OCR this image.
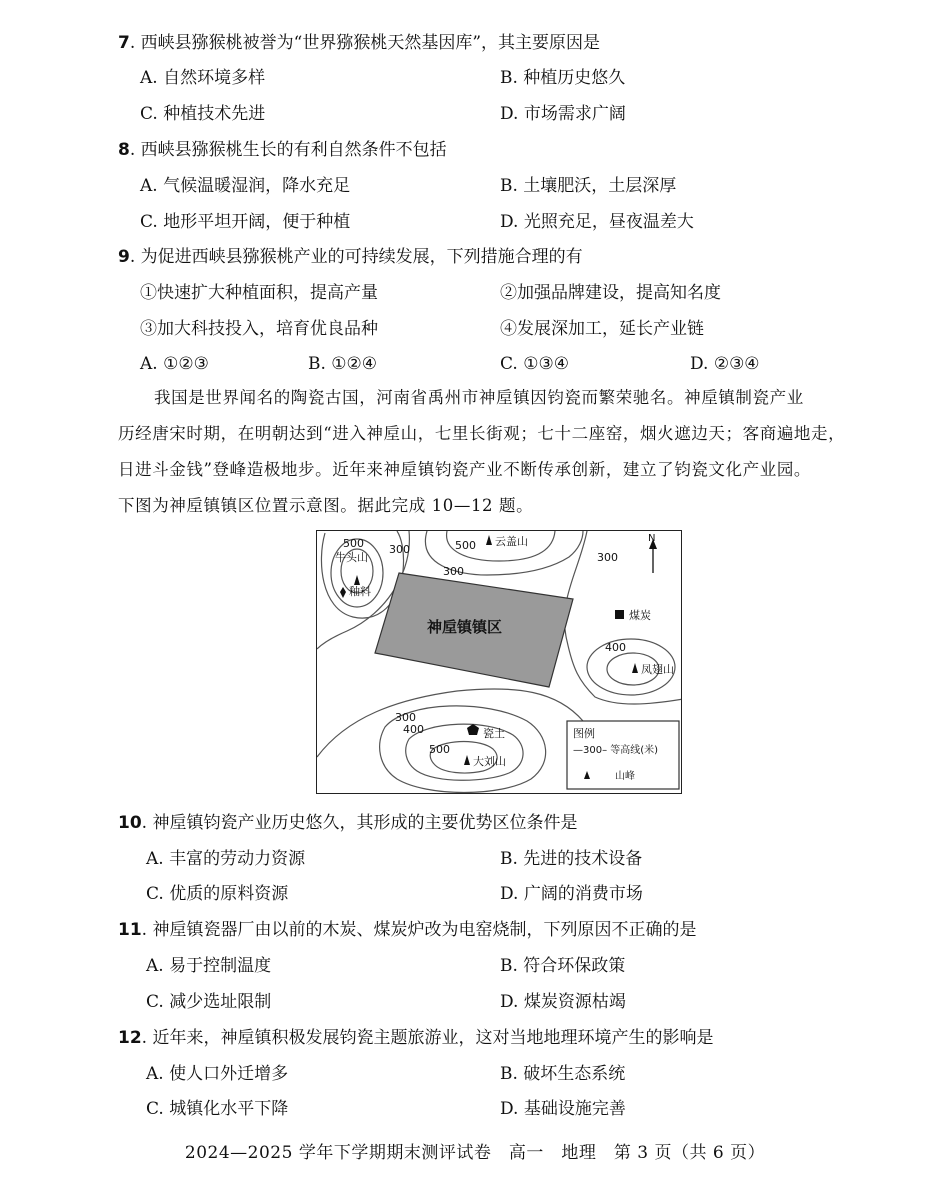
7. 西峡县猕猴桃被誉为“世界猕猴桃天然基因库”，其主要原因是
A. 自然环境多样	B. 种植历史悠久
C. 种植技术先进	D. 市场需求广阔
8. 西峡县猕猴桃生长的有利自然条件不包括
A. 气候温暖湿润，降水充足	B. 土壤肥沃，土层深厚
C. 地形平坦开阔，便于种植	D. 光照充足，昼夜温差大
9. 为促进西峡县猕猴桃产业的可持续发展，下列措施合理的有
①快速扩大种植面积，提高产量	②加强品牌建设，提高知名度
③加大科技投入，培育优良品种	④发展深加工，延长产业链
A. ①②③	B. ①②④	C. ①③④	D. ②③④

我国是世界闻名的陶瓷古国，河南省禹州市神垕镇因钧瓷而繁荣驰名。神垕镇制瓷产业

历经唐宋时期，在明朝达到“进入神垕山，七里长街观；七十二座窑，烟火遮边天；客商遍地走，

日进斗金钱”登峰造极地步。近年来神垕镇钧瓷产业不断传承创新，建立了钧瓷文化产业园。

下图为神垕镇镇区位置示意图。据此完成 10—12 题。

500
牛头山
300	500 云盖山
300
300
N
釉料
煤炭
400
凤翅山
300
400	瓷土
500
大刘山
图例
—300– 等高线(米)
山峰
神垕镇镇区
10. 神垕镇钧瓷产业历史悠久，其形成的主要优势区位条件是
A. 丰富的劳动力资源	B. 先进的技术设备
C. 优质的原料资源	D. 广阔的消费市场
11. 神垕镇瓷器厂由以前的木炭、煤炭炉改为电窑烧制，下列原因不正确的是
A. 易于控制温度	B. 符合环保政策
C. 减少选址限制	D. 煤炭资源枯竭
12. 近年来，神垕镇积极发展钧瓷主题旅游业，这对当地地理环境产生的影响是
A. 使人口外迁增多	B. 破坏生态系统
C. 城镇化水平下降	D. 基础设施完善
2024—2025 学年下学期期末测评试卷　高一　地理　第 3 页（共 6 页）
